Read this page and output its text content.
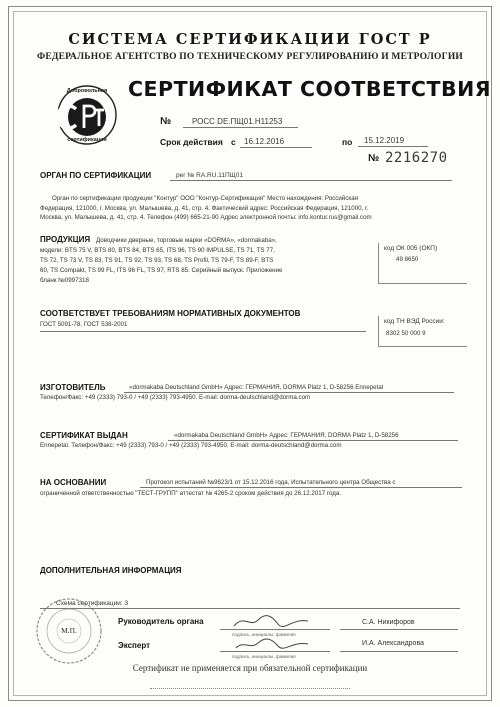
СИСТЕМА СЕРТИФИКАЦИИ ГОСТ Р
ФЕДЕРАЛЬНОЕ АГЕНТСТВО ПО ТЕХНИЧЕСКОМУ РЕГУЛИРОВАНИЮ И МЕТРОЛОГИИ
Добровольная
сертификация
СЕРТИФИКАТ СООТВЕТСТВИЯ
№	РОСС DE.ПЩ01.Н11253
Срок действия с 16.12.2016	по 15.12.2019
№ 2216270
ОРГАН ПО СЕРТИФИКАЦИИ	рег № RA.RU.11ПЩ01
Орган по сертификации продукции "Контур" ООО "Контур-Сертификация" Место нахождения: Российская
Федерация, 121000, г. Москва, ул. Малышева, д. 41, стр. 4. Фактический адрес: Российская Федерация, 121000, г.
Москва, ул. Малышева, д. 41, стр. 4. Телефон (499) 665-21-90 Адрес электронной почты: info.kontur.rus@gmail.com
ПРОДУКЦИЯ Доводчики дверные, торговые марки «DORMA», «dormakaba»,
модели: BTS 75 V, BTS 80, BTS 84, BTS 65, ITS 96, TS 90 IMPULSE, TS 71, TS 77,
TS 72, TS 73 V, TS 83, TS 91, TS 92, TS 93, TS 68, TS Profil, TS 79-F, TS 89-F, BTS
60, TS Compakt, TS 99 FL, ITS 96 FL, TS 97, RTS 85. Серийный выпуск. Приложение
бланк №0997318
код ОК 005 (ОКП)
49 8650
СООТВЕТСТВУЕТ ТРЕБОВАНИЯМ НОРМАТИВНЫХ ДОКУМЕНТОВ
ГОСТ 5091-78, ГОСТ 538-2001	код ТН ВЭД России:
8302 50 000 9
ИЗГОТОВИТЕЛЬ	«dormakaba Deutschland GmbH» Адрес: ГЕРМАНИЯ, DORMA Platz 1, D-58256 Ennepetal
Телефон/Факс: +49 (2333) 793-0 / +49 (2333) 793-4950. E-mail: dorma-deutschland@dorma.com
СЕРТИФИКАТ ВЫДАН	«dormakaba Deutschland GmbH» Адрес: ГЕРМАНИЯ, DORMA Platz 1, D-58256
Ennepetal. Телефон/Факс: +49 (2333) 793-0 / +49 (2333) 793-4950. E-mail: dorma-deutschland@dorma.com
НА ОСНОВАНИИ	Протокол испытаний №9623/1 от 15.12.2016 года, Испытательного центра Общества с
ограниченной ответственностью "ТЕСТ-ГРУПП" аттестат № 4265-2 сроком действия до 26.12.2017 года.
ДОПОЛНИТЕЛЬНАЯ ИНФОРМАЦИЯ
Схема сертификации: 3
М.П.
Руководитель органа	С.А. Никифоров
подпись, инициалы, фамилия
Эксперт	И.А. Александрова
подпись, инициалы, фамилия
Сертификат не применяется при обязательной сертификации
